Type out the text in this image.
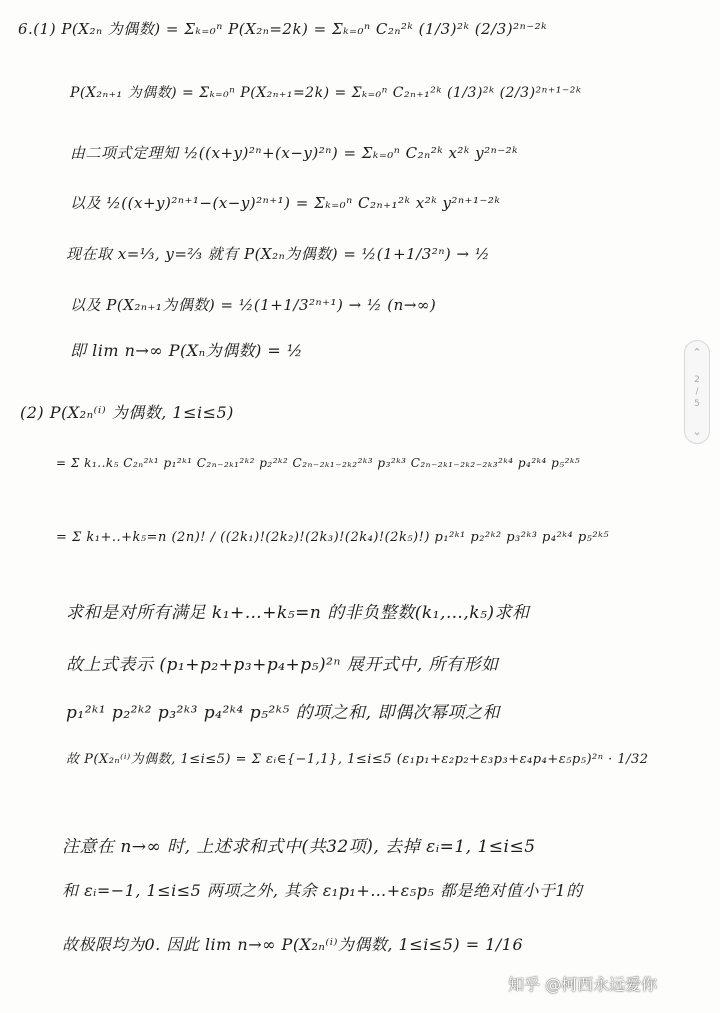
6.(1) P(X₂ₙ 为偶数) = Σₖ₌₀ⁿ P(X₂ₙ=2k) = Σₖ₌₀ⁿ C₂ₙ²ᵏ (1/3)²ᵏ (2/3)²ⁿ⁻²ᵏ
P(X₂ₙ₊₁ 为偶数) = Σₖ₌₀ⁿ P(X₂ₙ₊₁=2k) = Σₖ₌₀ⁿ C₂ₙ₊₁²ᵏ (1/3)²ᵏ (2/3)²ⁿ⁺¹⁻²ᵏ
由二项式定理知 ½((x+y)²ⁿ+(x−y)²ⁿ) = Σₖ₌₀ⁿ C₂ₙ²ᵏ x²ᵏ y²ⁿ⁻²ᵏ
以及 ½((x+y)²ⁿ⁺¹−(x−y)²ⁿ⁺¹) = Σₖ₌₀ⁿ C₂ₙ₊₁²ᵏ x²ᵏ y²ⁿ⁺¹⁻²ᵏ
现在取 x=⅓, y=⅔ 就有 P(X₂ₙ为偶数) = ½(1+1/3²ⁿ) → ½
以及 P(X₂ₙ₊₁为偶数) = ½(1+1/3²ⁿ⁺¹) → ½ (n→∞)
即 lim n→∞ P(Xₙ为偶数) = ½
(2) P(X₂ₙ⁽ⁱ⁾ 为偶数, 1≤i≤5)
= Σ k₁..k₅ C₂ₙ²ᵏ¹ p₁²ᵏ¹ C₂ₙ₋₂ₖ₁²ᵏ² p₂²ᵏ² C₂ₙ₋₂ₖ₁₋₂ₖ₂²ᵏ³ p₃²ᵏ³ C₂ₙ₋₂ₖ₁₋₂ₖ₂₋₂ₖ₃²ᵏ⁴ p₄²ᵏ⁴ p₅²ᵏ⁵
= Σ k₁+..+k₅=n (2n)! / ((2k₁)!(2k₂)!(2k₃)!(2k₄)!(2k₅)!) p₁²ᵏ¹ p₂²ᵏ² p₃²ᵏ³ p₄²ᵏ⁴ p₅²ᵏ⁵
求和是对所有满足 k₁+…+k₅=n 的非负整数(k₁,…,k₅)求和
故上式表示 (p₁+p₂+p₃+p₄+p₅)²ⁿ 展开式中, 所有形如
p₁²ᵏ¹ p₂²ᵏ² p₃²ᵏ³ p₄²ᵏ⁴ p₅²ᵏ⁵ 的项之和, 即偶次幂项之和
故 P(X₂ₙ⁽ⁱ⁾为偶数, 1≤i≤5) = Σ εᵢ∈{−1,1}, 1≤i≤5 (ε₁p₁+ε₂p₂+ε₃p₃+ε₄p₄+ε₅p₅)²ⁿ · 1/32
注意在 n→∞ 时, 上述求和式中(共32项), 去掉 εᵢ=1, 1≤i≤5
和 εᵢ=−1, 1≤i≤5 两项之外, 其余 ε₁p₁+…+ε₅p₅ 都是绝对值小于1的
故极限均为0. 因此 lim n→∞ P(X₂ₙ⁽ⁱ⁾为偶数, 1≤i≤5) = 1/16
⌃
2
/
5
⌄
知乎 @柯西永远爱你
